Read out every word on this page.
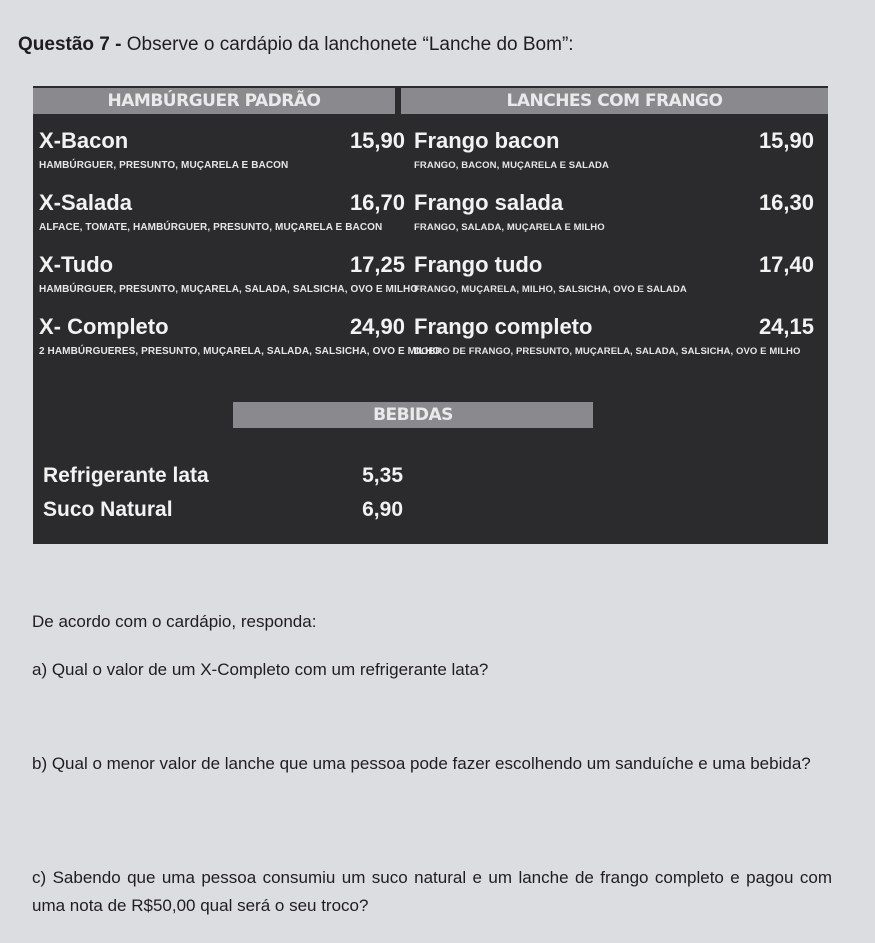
Questão 7 - Observe o cardápio da lanchonete “Lanche do Bom”:
HAMBÚRGUER PADRÃO	LANCHES COM FRANGO
X-Bacon	15,90
HAMBÚRGUER, PRESUNTO, MUÇARELA E BACON
X-Salada	16,70
ALFACE, TOMATE, HAMBÚRGUER, PRESUNTO, MUÇARELA E BACON
X-Tudo	17,25
HAMBÚRGUER, PRESUNTO, MUÇARELA, SALADA, SALSICHA, OVO E MILHO
X- Completo	24,90
2 HAMBÚRGUERES, PRESUNTO, MUÇARELA, SALADA, SALSICHA, OVO E MILHO
Frango bacon	15,90
FRANGO, BACON, MUÇARELA E SALADA
Frango salada	16,30
FRANGO, SALADA, MUÇARELA E MILHO
Frango tudo	17,40
FRANGO, MUÇARELA, MILHO, SALSICHA, OVO E SALADA
Frango completo	24,15
DOBRO DE FRANGO, PRESUNTO, MUÇARELA, SALADA, SALSICHA, OVO E MILHO
BEBIDAS
Refrigerante lata	5,35
Suco Natural	6,90

De acordo com o cardápio, responda:

a) Qual o valor de um X-Completo com um refrigerante lata?

b) Qual o menor valor de lanche que uma pessoa pode fazer escolhendo um sanduíche e uma bebida?

c) Sabendo que uma pessoa consumiu um suco natural e um lanche de frango completo e pagou com uma nota de R$50,00 qual será o seu troco?
